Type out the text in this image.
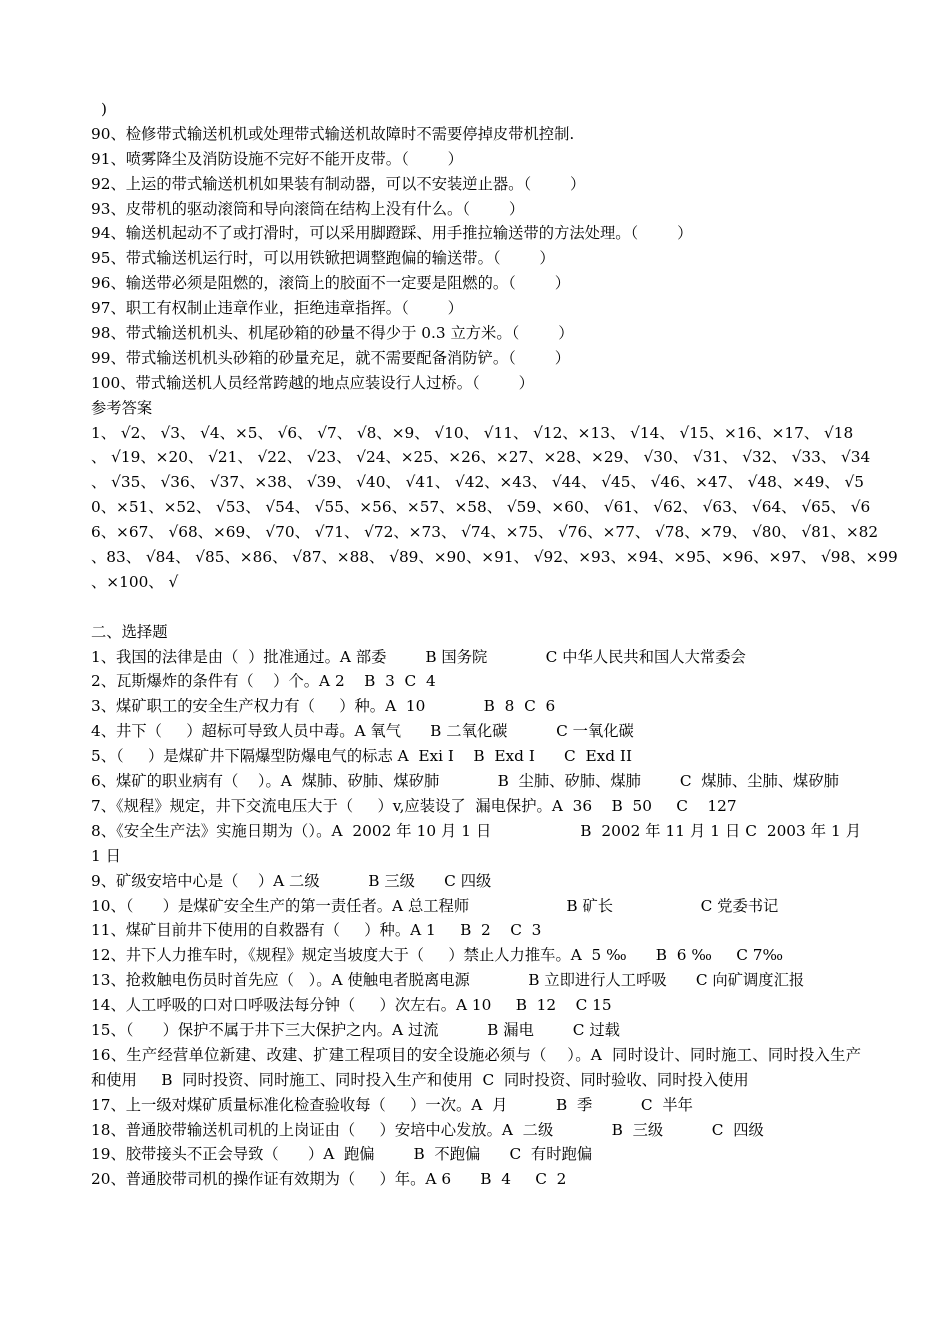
)
90、检修带式输送机机或处理带式输送机故障时不需要停掉皮带机控制.
91、喷雾降尘及消防设施不完好不能开皮带。（        ）
92、上运的带式输送机机如果装有制动器，可以不安装逆止器。（        ）
93、皮带机的驱动滚筒和导向滚筒在结构上没有什么。（        ）
94、输送机起动不了或打滑时，可以采用脚蹬踩、用手推拉输送带的方法处理。（        ）
95、带式输送机运行时，可以用铁锨把调整跑偏的输送带。（        ）
96、输送带必须是阻燃的，滚筒上的胶面不一定要是阻燃的。（        ）
97、职工有权制止违章作业，拒绝违章指挥。（        ）
98、带式输送机机头、机尾砂箱的砂量不得少于 0.3 立方米。（        ）
99、带式输送机机头砂箱的砂量充足，就不需要配备消防铲。（        ）
100、带式输送机人员经常跨越的地点应装设行人过桥。（        ）
参考答案
1、 √2、 √3、 √4、×5、 √6、 √7、 √8、×9、 √10、 √11、 √12、×13、 √14、 √15、×16、×17、 √18
、 √19、×20、 √21、 √22、 √23、 √24、×25、×26、×27、×28、×29、 √30、 √31、 √32、 √33、 √34
、 √35、 √36、 √37、×38、 √39、 √40、 √41、 √42、×43、 √44、 √45、 √46、×47、 √48、×49、 √5
0、×51、×52、 √53、 √54、 √55、×56、×57、×58、 √59、×60、 √61、 √62、 √63、 √64、 √65、 √6
6、×67、 √68、×69、 √70、 √71、 √72、×73、 √74、×75、 √76、×77、 √78、×79、 √80、 √81、×82
、83、 √84、 √85、×86、 √87、×88、 √89、×90、×91、 √92、×93、×94、×95、×96、×97、 √98、×99
、×100、 √
二、选择题
1、我国的法律是由（  ）批准通过。A 部委        B 国务院            C 中华人民共和国人大常委会
2、瓦斯爆炸的条件有（    ）个。A 2    B  3  C  4
3、煤矿职工的安全生产权力有（     ）种。A  10            B  8  C  6
4、井下（     ）超标可导致人员中毒。A 氧气      B 二氧化碳          C 一氧化碳
5、（     ）是煤矿井下隔爆型防爆电气的标志 A  Exi I    B  Exd I      C  Exd II
6、煤矿的职业病有（    ）。A  煤肺、矽肺、煤矽肺            B  尘肺、矽肺、煤肺        C  煤肺、尘肺、煤矽肺
7、《规程》规定，井下交流电压大于（     ）v,应装设了  漏电保护。A  36    B  50     C    127
8、《安全生产法》实施日期为（）。A  2002 年 10 月 1 日                  B  2002 年 11 月 1 日 C  2003 年 1 月 1 日
9、矿级安培中心是（    ）A 二级          B 三级      C 四级
10、（      ）是煤矿安全生产的第一责任者。A 总工程师                    B 矿长                  C 党委书记
11、煤矿目前井下使用的自救器有（     ）种。A 1     B  2    C  3
12、井下人力推车时，《规程》规定当坡度大于（     ）禁止人力推车。A  5 ‰      B  6 ‰     C 7‰
13、抢救触电伤员时首先应（   ）。A 使触电者脱离电源            B 立即进行人工呼吸      C 向矿调度汇报
14、人工呼吸的口对口呼吸法每分钟（     ）次左右。A 10     B  12    C 15
15、（      ）保护不属于井下三大保护之内。A 过流          B 漏电        C 过载
16、生产经营单位新建、改建、扩建工程项目的安全设施必须与（    ）。A  同时设计、同时施工、同时投入生产和使用     B  同时投资、同时施工、同时投入生产和使用  C  同时投资、同时验收、同时投入使用
17、上一级对煤矿质量标准化检查验收每（     ）一次。A  月          B  季          C  半年
18、普通胶带输送机司机的上岗证由（     ）安培中心发放。A  二级            B  三级          C  四级
19、胶带接头不正会导致（      ）A  跑偏        B  不跑偏      C  有时跑偏
20、普通胶带司机的操作证有效期为（     ）年。A 6      B  4     C  2
